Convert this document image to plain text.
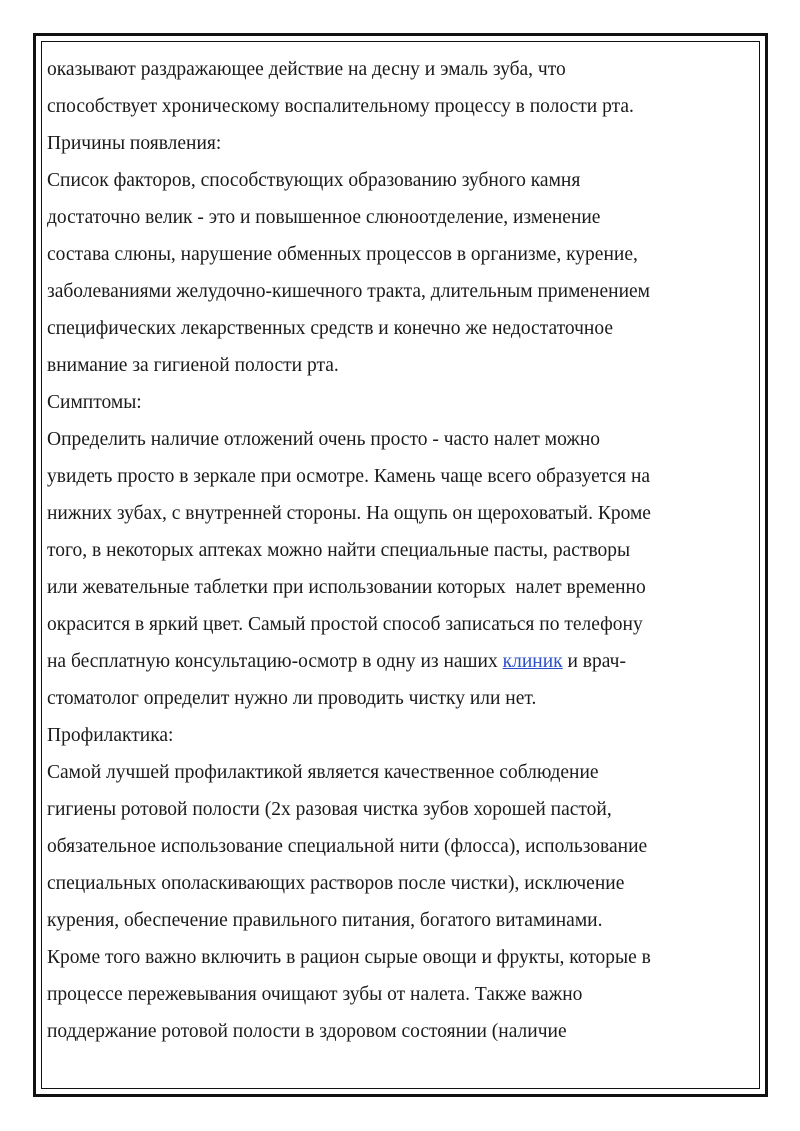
оказывают раздражающее действие на десну и эмаль зуба, что
способствует хроническому воспалительному процессу в полости рта.
Причины появления:
Список факторов, способствующих образованию зубного камня
достаточно велик - это и повышенное слюноотделение, изменение
состава слюны, нарушение обменных процессов в организме, курение,
заболеваниями желудочно-кишечного тракта, длительным применением
специфических лекарственных средств и конечно же недостаточное
внимание за гигиеной полости рта.
Симптомы:
Определить наличие отложений очень просто - часто налет можно
увидеть просто в зеркале при осмотре. Камень чаще всего образуется на
нижних зубах, с внутренней стороны. На ощупь он щероховатый. Кроме
того, в некоторых аптеках можно найти специальные пасты, растворы
или жевательные таблетки при использовании которых  налет временно
окрасится в яркий цвет. Самый простой способ записаться по телефону
на бесплатную консультацию-осмотр в одну из наших клиник и врач-
стоматолог определит нужно ли проводить чистку или нет.
Профилактика:
Самой лучшей профилактикой является качественное соблюдение
гигиены ротовой полости (2х разовая чистка зубов хорошей пастой,
обязательное использование специальной нити (флосса), использование
специальных ополаскивающих растворов после чистки), исключение
курения, обеспечение правильного питания, богатого витаминами.
Кроме того важно включить в рацион сырые овощи и фрукты, которые в
процессе пережевывания очищают зубы от налета. Также важно
поддержание ротовой полости в здоровом состоянии (наличие
